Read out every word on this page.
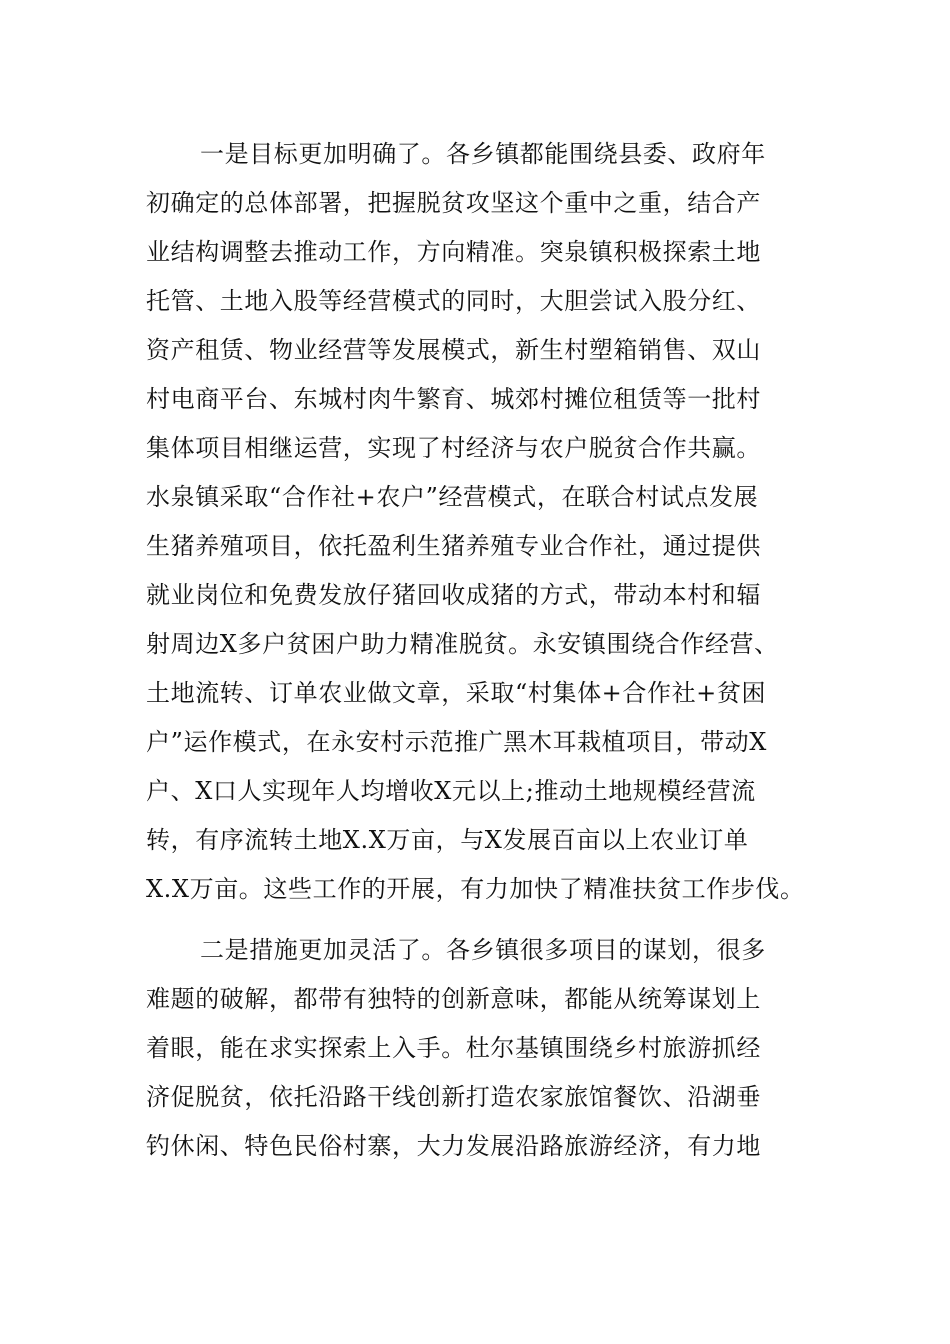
一是目标更加明确了。各乡镇都能围绕县委、政府年
初确定的总体部署，把握脱贫攻坚这个重中之重，结合产
业结构调整去推动工作，方向精准。突泉镇积极探索土地
托管、土地入股等经营模式的同时，大胆尝试入股分红、
资产租赁、物业经营等发展模式，新生村塑箱销售、双山
村电商平台、东城村肉牛繁育、城郊村摊位租赁等一批村
集体项目相继运营，实现了村经济与农户脱贫合作共赢。
水泉镇采取“合作社+农户”经营模式，在联合村试点发展
生猪养殖项目，依托盈利生猪养殖专业合作社，通过提供
就业岗位和免费发放仔猪回收成猪的方式，带动本村和辐
射周边X多户贫困户助力精准脱贫。永安镇围绕合作经营、
土地流转、订单农业做文章，采取“村集体+合作社+贫困
户”运作模式，在永安村示范推广黑木耳栽植项目，带动X
户、X口人实现年人均增收X元以上;推动土地规模经营流
转，有序流转土地X.X万亩，与X发展百亩以上农业订单
X.X万亩。这些工作的开展，有力加快了精准扶贫工作步伐。
二是措施更加灵活了。各乡镇很多项目的谋划，很多
难题的破解，都带有独特的创新意味，都能从统筹谋划上
着眼，能在求实探索上入手。杜尔基镇围绕乡村旅游抓经
济促脱贫，依托沿路干线创新打造农家旅馆餐饮、沿湖垂
钓休闲、特色民俗村寨，大力发展沿路旅游经济，有力地
